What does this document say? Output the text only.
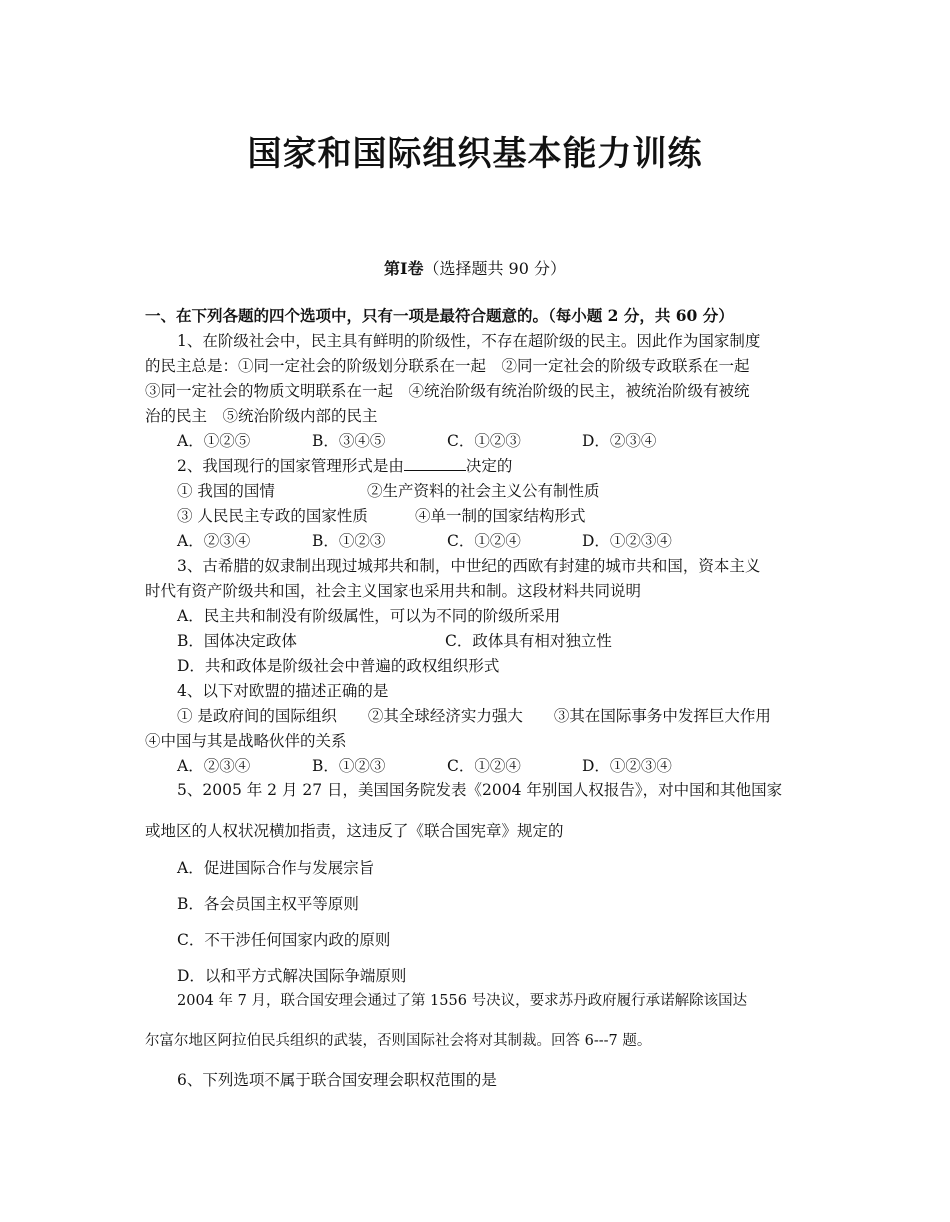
国家和国际组织基本能力训练
第Ⅰ卷（选择题共 90 分）
一、在下列各题的四个选项中，只有一项是最符合题意的。（每小题 2 分，共 60 分）
1、在阶级社会中，民主具有鲜明的阶级性，不存在超阶级的民主。因此作为国家制度
的民主总是：①同一定社会的阶级划分联系在一起　②同一定社会的阶级专政联系在一起
③同一定社会的物质文明联系在一起　④统治阶级有统治阶级的民主，被统治阶级有被统
治的民主　⑤统治阶级内部的民主
A．①②⑤	B．③④⑤	C．①②③	D．②③④
2、我国现行的国家管理形式是由	决定的
① 我国的国情	②生产资料的社会主义公有制性质
③ 人民民主专政的国家性质	④单一制的国家结构形式
A．②③④	B．①②③	C．①②④	D．①②③④
3、古希腊的奴隶制出现过城邦共和制，中世纪的西欧有封建的城市共和国，资本主义
时代有资产阶级共和国，社会主义国家也采用共和制。这段材料共同说明
A．民主共和制没有阶级属性，可以为不同的阶级所采用
B．国体决定政体	C．政体具有相对独立性
D．共和政体是阶级社会中普遍的政权组织形式
4、以下对欧盟的描述正确的是
① 是政府间的国际组织　　②其全球经济实力强大　　③其在国际事务中发挥巨大作用
④中国与其是战略伙伴的关系
A．②③④	B．①②③	C．①②④	D．①②③④
5、2005 年 2 月 27 日，美国国务院发表《2004 年别国人权报告》，对中国和其他国家
或地区的人权状况横加指责，这违反了《联合国宪章》规定的
A．促进国际合作与发展宗旨
B．各会员国主权平等原则
C．不干涉任何国家内政的原则
D．以和平方式解决国际争端原则
2004 年 7 月，联合国安理会通过了第 1556 号决议，要求苏丹政府履行承诺解除该国达
尔富尔地区阿拉伯民兵组织的武装，否则国际社会将对其制裁。回答 6---7 题。
6、下列选项不属于联合国安理会职权范围的是
